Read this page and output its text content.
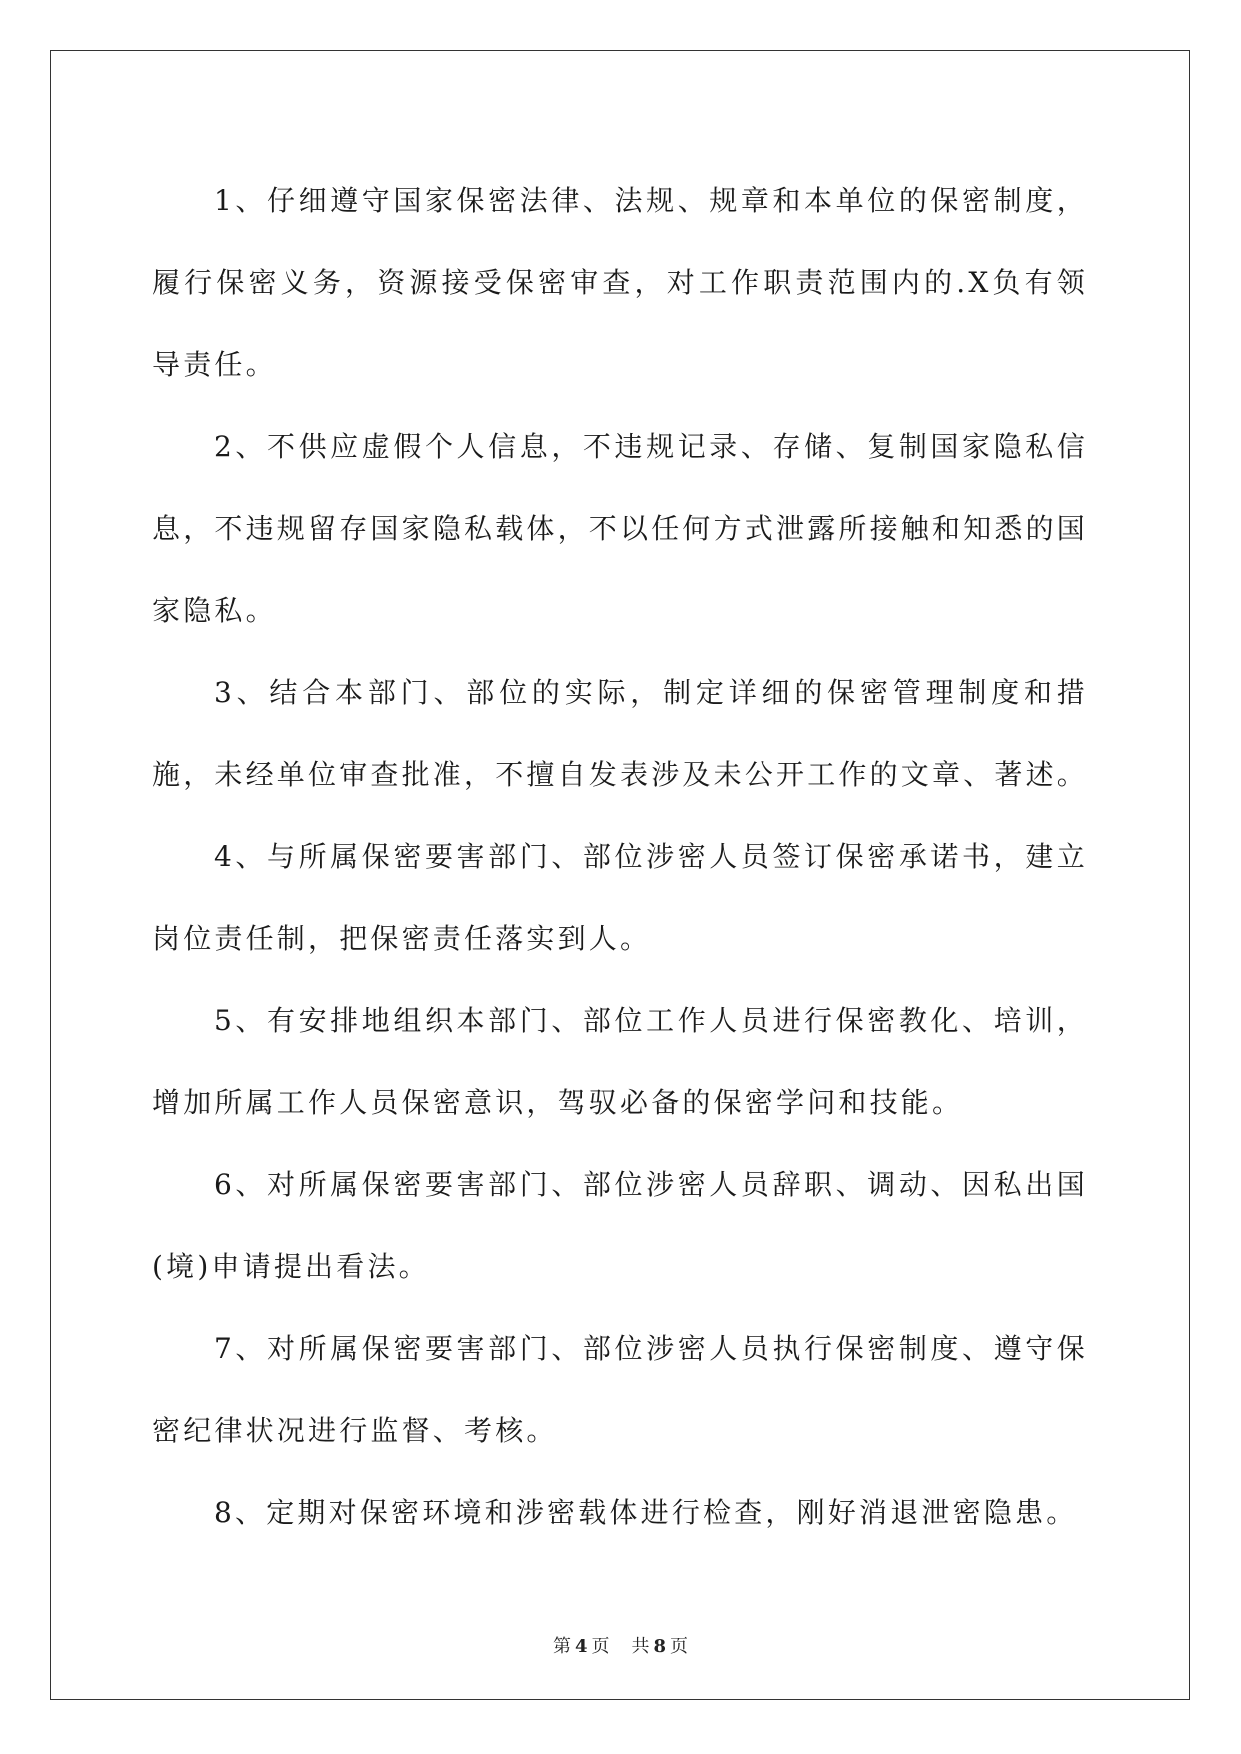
1、仔细遵守国家保密法律、法规、规章和本单位的保密制度，履行保密义务，资源接受保密审查，对工作职责范围内的.X负有领导责任。

2、不供应虚假个人信息，不违规记录、存储、复制国家隐私信息，不违规留存国家隐私载体，不以任何方式泄露所接触和知悉的国家隐私。

3、结合本部门、部位的实际，制定详细的保密管理制度和措施，未经单位审查批准，不擅自发表涉及未公开工作的文章、著述。

4、与所属保密要害部门、部位涉密人员签订保密承诺书，建立岗位责任制，把保密责任落实到人。

5、有安排地组织本部门、部位工作人员进行保密教化、培训，增加所属工作人员保密意识，驾驭必备的保密学问和技能。

6、对所属保密要害部门、部位涉密人员辞职、调动、因私出国(境)申请提出看法。

7、对所属保密要害部门、部位涉密人员执行保密制度、遵守保密纪律状况进行监督、考核。

8、定期对保密环境和涉密载体进行检查，刚好消退泄密隐患。

第 4 页 共 8 页
